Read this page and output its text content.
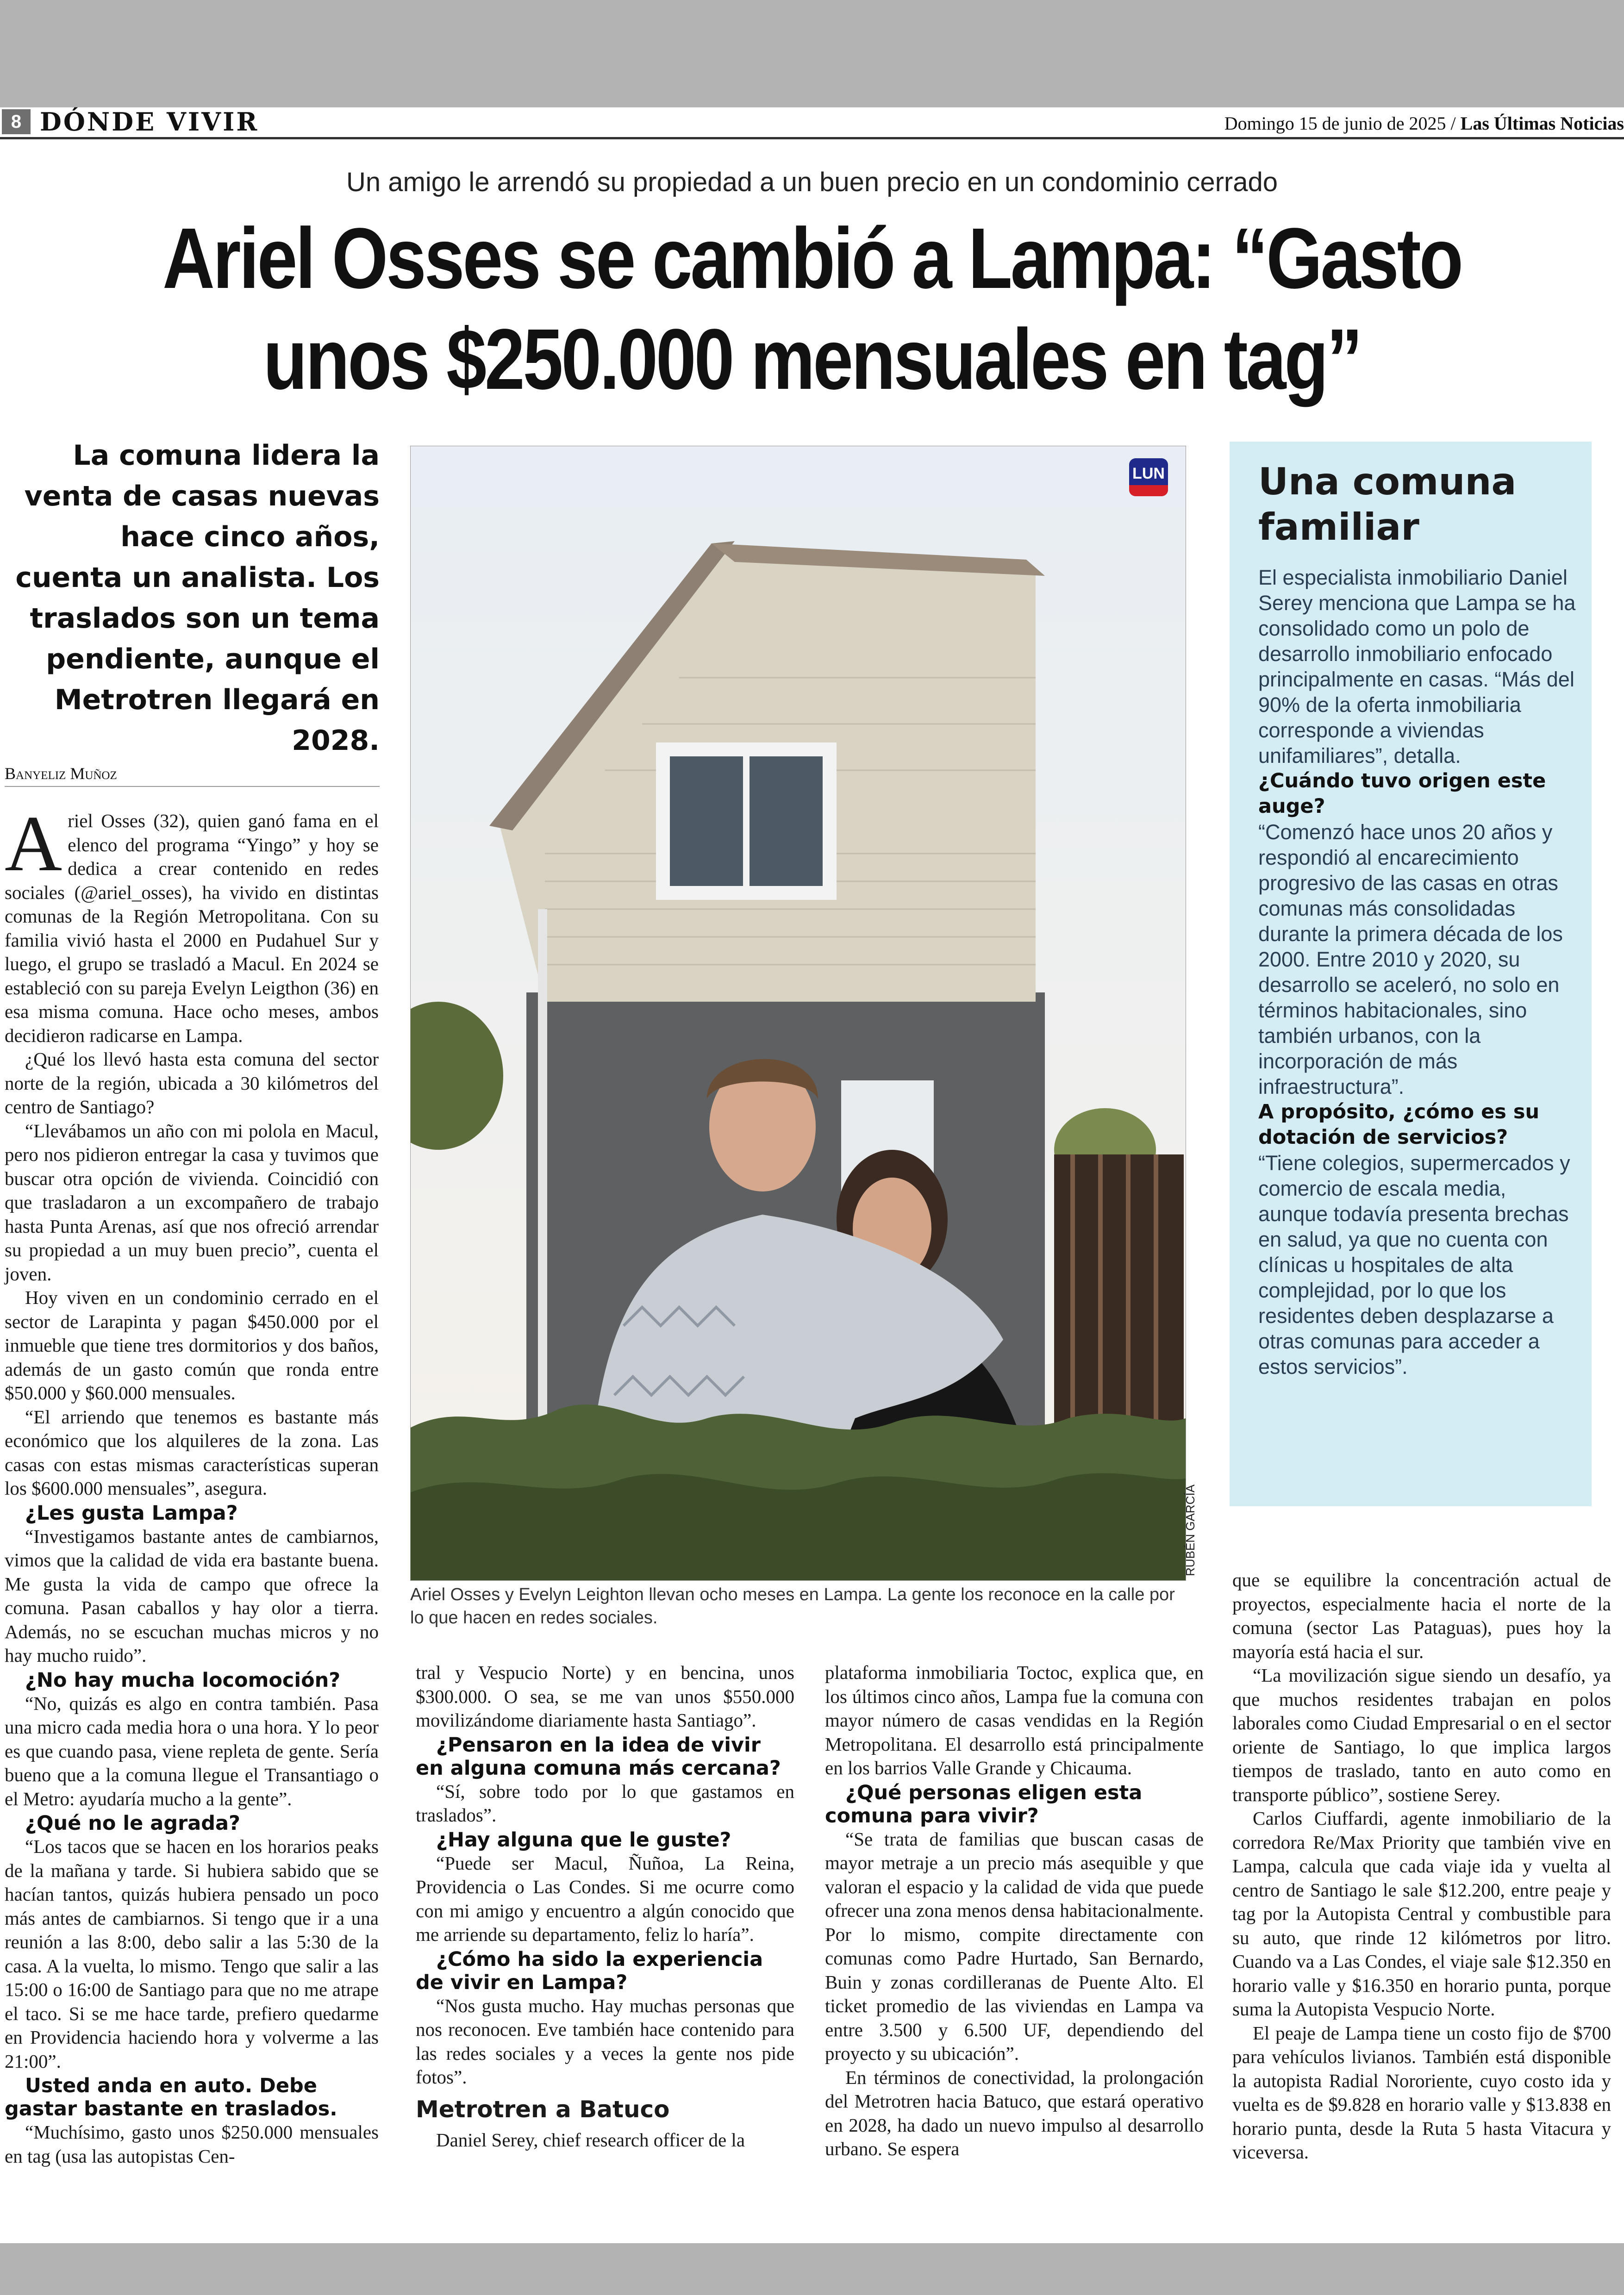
8 DÓNDE VIVIR	Domingo 15 de junio de 2025 / Las Últimas Noticias
Un amigo le arrendó su propiedad a un buen precio en un condominio cerrado
Ariel Osses se cambió a Lampa: “Gasto
unos $250.000 mensuales en tag”
La comuna lidera la venta de casas nuevas hace cinco años, cuenta un analista. Los traslados son un tema pendiente, aunque el Metrotren llegará en 2028.
Banyeliz Muñoz

Ariel Osses (32), quien ganó fama en el elenco del programa “Yingo” y hoy se dedica a crear contenido en redes sociales (@ariel_osses), ha vivido en distintas comunas de la Región Metropolitana. Con su familia vivió hasta el 2000 en Pudahuel Sur y luego, el grupo se trasladó a Macul. En 2024 se estableció con su pareja Evelyn Leigthon (36) en esa misma comuna. Hace ocho meses, ambos decidieron radicarse en Lampa.

¿Qué los llevó hasta esta comuna del sector norte de la región, ubicada a 30 kilómetros del centro de Santiago?

“Llevábamos un año con mi polola en Macul, pero nos pidieron entregar la casa y tuvimos que buscar otra opción de vivienda. Coincidió con que trasladaron a un excompañero de trabajo hasta Punta Arenas, así que nos ofreció arrendar su propiedad a un muy buen precio”, cuenta el joven.

Hoy viven en un condominio cerrado en el sector de Larapinta y pagan $450.000 por el inmueble que tiene tres dormitorios y dos baños, además de un gasto común que ronda entre $50.000 y $60.000 mensuales.

“El arriendo que tenemos es bastante más económico que los alquileres de la zona. Las casas con estas mismas características superan los $600.000 mensuales”, asegura.

¿Les gusta Lampa?

“Investigamos bastante antes de cambiarnos, vimos que la calidad de vida era bastante buena. Me gusta la vida de campo que ofrece la comuna. Pasan caballos y hay olor a tierra. Además, no se escuchan muchas micros y no hay mucho ruido”.

¿No hay mucha locomoción?

“No, quizás es algo en contra también. Pasa una micro cada media hora o una hora. Y lo peor es que cuando pasa, viene repleta de gente. Sería bueno que a la comuna llegue el Transantiago o el Metro: ayudaría mucho a la gente”.

¿Qué no le agrada?

“Los tacos que se hacen en los horarios peaks de la mañana y tarde. Si hubiera sabido que se hacían tantos, quizás hubiera pensado un poco más antes de cambiarnos. Si tengo que ir a una reunión a las 8:00, debo salir a las 5:30 de la casa. A la vuelta, lo mismo. Tengo que salir a las 15:00 o 16:00 de Santiago para que no me atrape el taco. Si se me hace tarde, prefiero quedarme en Providencia haciendo hora y volverme a las 21:00”.

Usted anda en auto. Debe gastar bastante en traslados.

“Muchísimo, gasto unos $250.000 mensuales en tag (usa las autopistas Cen-

LUN
RUBÉN GARCÍA
Ariel Osses y Evelyn Leighton llevan ocho meses en Lampa. La gente los reconoce en la calle por lo que hacen en redes sociales.
Una comuna familiar

El especialista inmobiliario Daniel Serey menciona que Lampa se ha consolidado como un polo de desarrollo inmobiliario enfocado principalmente en casas. “Más del 90% de la oferta inmobiliaria corresponde a viviendas unifamiliares”, detalla.

¿Cuándo tuvo origen este auge?

“Comenzó hace unos 20 años y respondió al encarecimiento progresivo de las casas en otras comunas más consolidadas durante la primera década de los 2000. Entre 2010 y 2020, su desarrollo se aceleró, no solo en términos habitacionales, sino también urbanos, con la incorporación de más infraestructura”.

A propósito, ¿cómo es su dotación de servicios?

“Tiene colegios, supermercados y comercio de escala media, aunque todavía presenta brechas en salud, ya que no cuenta con clínicas u hospitales de alta complejidad, por lo que los residentes deben desplazarse a otras comunas para acceder a estos servicios”.

tral y Vespucio Norte) y en bencina, unos $300.000. O sea, se me van unos $550.000 movilizándome diariamente hasta Santiago”.

¿Pensaron en la idea de vivir en alguna comuna más cercana?

“Sí, sobre todo por lo que gastamos en traslados”.

¿Hay alguna que le guste?

“Puede ser Macul, Ñuñoa, La Reina, Providencia o Las Condes. Si me ocurre como con mi amigo y encuentro a algún conocido que me arriende su departamento, feliz lo haría”.

¿Cómo ha sido la experiencia de vivir en Lampa?

“Nos gusta mucho. Hay muchas personas que nos reconocen. Eve también hace contenido para las redes sociales y a veces la gente nos pide fotos”.

Metrotren a Batuco

Daniel Serey, chief research officer de la

plataforma inmobiliaria Toctoc, explica que, en los últimos cinco años, Lampa fue la comuna con mayor número de casas vendidas en la Región Metropolitana. El desarrollo está principalmente en los barrios Valle Grande y Chicauma.

¿Qué personas eligen esta comuna para vivir?

“Se trata de familias que buscan casas de mayor metraje a un precio más asequible y que valoran el espacio y la calidad de vida que puede ofrecer una zona menos densa habitacionalmente. Por lo mismo, compite directamente con comunas como Padre Hurtado, San Bernardo, Buin y zonas cordilleranas de Puente Alto. El ticket promedio de las viviendas en Lampa va entre 3.500 y 6.500 UF, dependiendo del proyecto y su ubicación”.

En términos de conectividad, la prolongación del Metrotren hacia Batuco, que estará operativo en 2028, ha dado un nuevo impulso al desarrollo urbano. Se espera

que se equilibre la concentración actual de proyectos, especialmente hacia el norte de la comuna (sector Las Pataguas), pues hoy la mayoría está hacia el sur.

“La movilización sigue siendo un desafío, ya que muchos residentes trabajan en polos laborales como Ciudad Empresarial o en el sector oriente de Santiago, lo que implica largos tiempos de traslado, tanto en auto como en transporte público”, sostiene Serey.

Carlos Ciuffardi, agente inmobiliario de la corredora Re/Max Priority que también vive en Lampa, calcula que cada viaje ida y vuelta al centro de Santiago le sale $12.200, entre peaje y tag por la Autopista Central y combustible para su auto, que rinde 12 kilómetros por litro. Cuando va a Las Condes, el viaje sale $12.350 en horario valle y $16.350 en horario punta, porque suma la Autopista Vespucio Norte.

El peaje de Lampa tiene un costo fijo de $700 para vehículos livianos. También está disponible la autopista Radial Nororiente, cuyo costo ida y vuelta es de $9.828 en horario valle y $13.838 en horario punta, desde la Ruta 5 hasta Vitacura y viceversa.
